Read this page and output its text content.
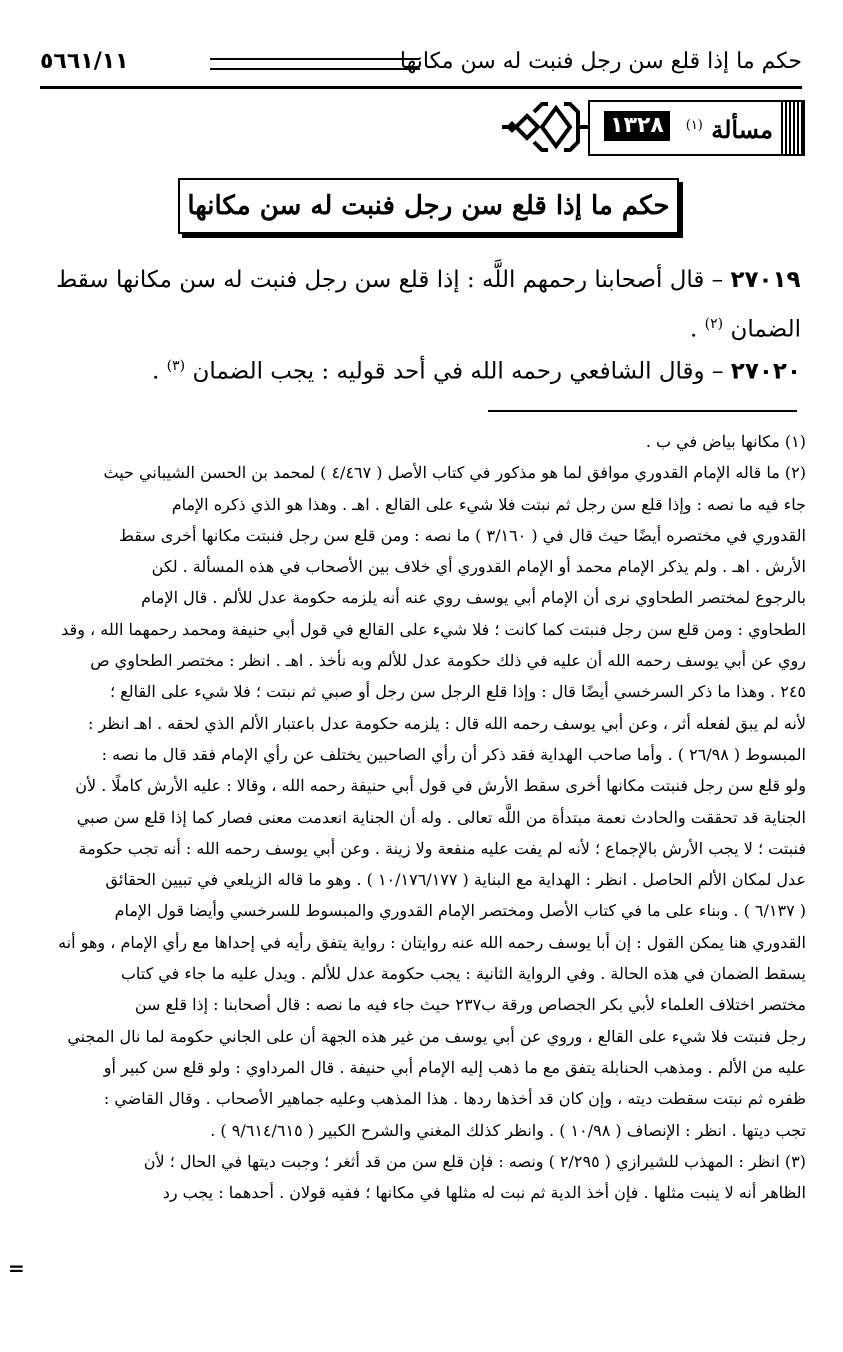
حكم ما إذا قلع سن رجل فنبت له سن مكانها
٥٦٦١/١١
مسألة $^{(١)}$
١٣٢٨
حكم ما إذا قلع سن رجل فنبت له سن مكانها
٢٧٠١٩ – قال أصحابنا رحمهم اللَّه : إذا قلع سن رجل فنبت له سن مكانها سقط
الضمان $^{(٢)}$ .
٢٧٠٢٠ – وقال الشافعي رحمه الله في أحد قوليه : يجب الضمان $^{(٣)}$ .
(١) مكانها بياض في ب .
(٢) ما قاله الإمام القدوري موافق لما هو مذكور في كتاب الأصل ( ٤/٤٦٧ ) لمحمد بن الحسن الشيباني حيث
جاء فيه ما نصه : وإذا قلع سن رجل ثم نبتت فلا شيء على القالع . اهـ . وهذا هو الذي ذكره الإمام
القدوري في مختصره أيضًا حيث قال في ( ٣/١٦٠ ) ما نصه : ومن قلع سن رجل فنبتت مكانها أخرى سقط
الأرش . اهـ . ولم يذكر الإمام محمد أو الإمام القدوري أي خلاف بين الأصحاب في هذه المسألة . لكن
بالرجوع لمختصر الطحاوي نرى أن الإمام أبي يوسف روي عنه أنه يلزمه حكومة عدل للألم . قال الإمام
الطحاوي : ومن قلع سن رجل فنبتت كما كانت ؛ فلا شيء على القالع في قول أبي حنيفة ومحمد رحمهما الله ، وقد
روي عن أبي يوسف رحمه الله أن عليه في ذلك حكومة عدل للألم وبه نأخذ . اهـ . انظر : مختصر الطحاوي ص
٢٤٥ . وهذا ما ذكر السرخسي أيضًا قال : وإذا قلع الرجل سن رجل أو صبي ثم نبتت ؛ فلا شيء على القالع ؛
لأنه لم يبق لفعله أثر ، وعن أبي يوسف رحمه الله قال : يلزمه حكومة عدل باعتبار الألم الذي لحقه . اهـ انظر :
المبسوط ( ٢٦/٩٨ ) . وأما صاحب الهداية فقد ذكر أن رأي الصاحبين يختلف عن رأي الإمام فقد قال ما نصه :
ولو قلع سن رجل فنبتت مكانها أخرى سقط الأرش في قول أبي حنيفة رحمه الله ، وقالا : عليه الأرش كاملًا . لأن
الجناية قد تحققت والحادث نعمة مبتدأة من اللَّه تعالى . وله أن الجناية انعدمت معنى فصار كما إذا قلع سن صبي
فنبتت ؛ لا يجب الأرش بالإجماع ؛ لأنه لم يفت عليه منفعة ولا زينة . وعن أبي يوسف رحمه الله : أنه تجب حكومة
عدل لمكان الألم الحاصل . انظر : الهداية مع البناية ( ١٠/١٧٦/١٧٧ ) . وهو ما قاله الزيلعي في تبيين الحقائق
( ٦/١٣٧ ) . وبناء على ما في كتاب الأصل ومختصر الإمام القدوري والمبسوط للسرخسي وأيضا قول الإمام
القدوري هنا يمكن القول : إن أبا يوسف رحمه الله عنه روايتان : رواية يتفق رأيه في إحداها مع رأي الإمام ، وهو أنه
يسقط الضمان في هذه الحالة . وفي الرواية الثانية : يجب حكومة عدل للألم . ويدل عليه ما جاء في كتاب
مختصر اختلاف العلماء لأبي بكر الجصاص ورقة ب٢٣٧ حيث جاء فيه ما نصه : قال أصحابنا : إذا قلع سن
رجل فنبتت فلا شيء على القالع ، وروي عن أبي يوسف من غير هذه الجهة أن على الجاني حكومة لما نال المجني
عليه من الألم . ومذهب الحنابلة يتفق مع ما ذهب إليه الإمام أبي حنيفة . قال المرداوي : ولو قلع سن كبير أو
ظفره ثم نبتت سقطت ديته ، وإن كان قد أخذها ردها . هذا المذهب وعليه جماهير الأصحاب . وقال القاضي :
تجب ديتها . انظر : الإنصاف ( ١٠/٩٨ ) . وانظر كذلك المغني والشرح الكبير ( ٩/٦١٤/٦١٥ ) .
(٣) انظر : المهذب للشيرازي ( ٢/٢٩٥ ) ونصه : فإن قلع سن من قد أثغر ؛ وجبت ديتها في الحال ؛ لأن
الظاهر أنه لا ينبت مثلها . فإن أخذ الدية ثم نبت له مثلها في مكانها ؛ ففيه قولان . أحدهما : يجب رد
=
